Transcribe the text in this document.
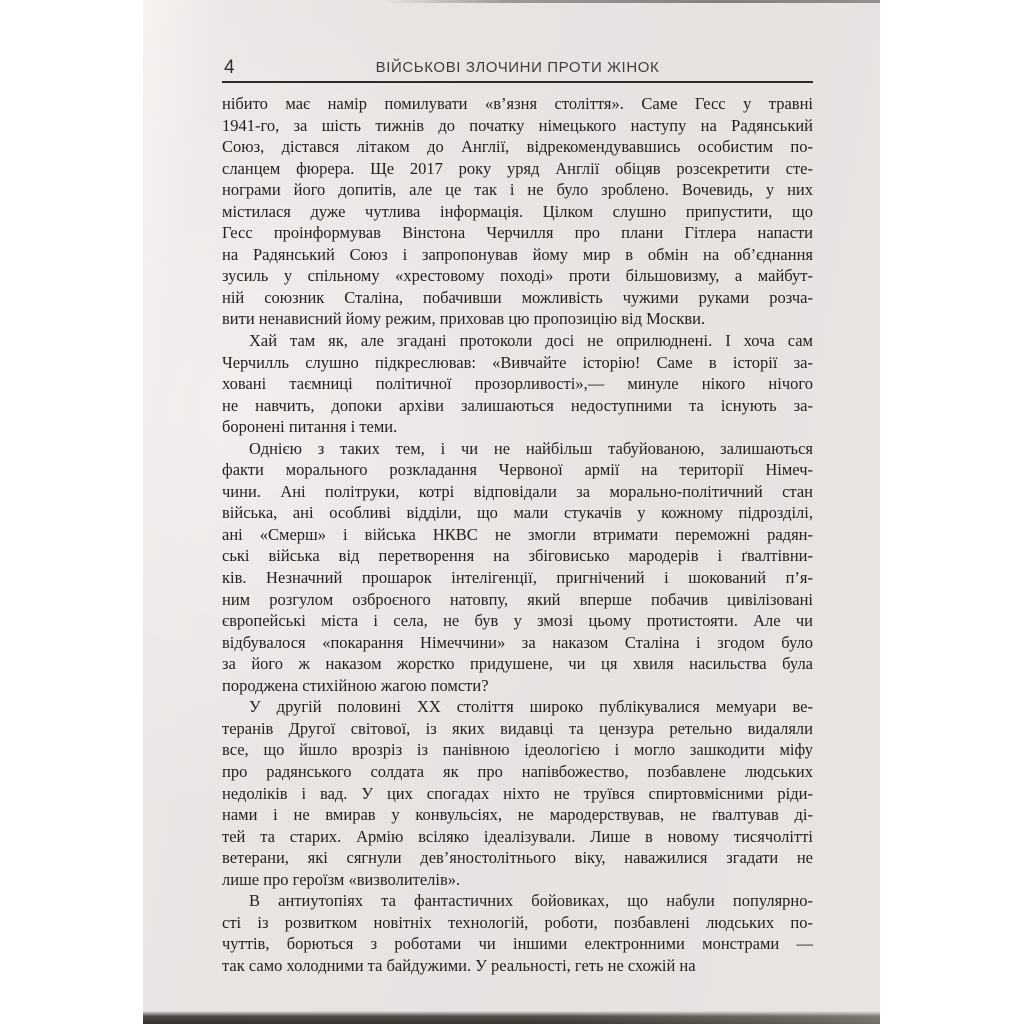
4	ВІЙСЬКОВІ ЗЛОЧИНИ ПРОТИ ЖІНОК
нібито має намір помилувати «в’язня століття». Саме Гесс у травні
1941-го, за шість тижнів до початку німецького наступу на Радянський
Союз, дістався літаком до Англії, відрекомендувавшись особистим по-
сланцем фюрера. Ще 2017 року уряд Англії обіцяв розсекретити сте-
нограми його допитів, але це так і не було зроблено. Вочевидь, у них
містилася дуже чутлива інформація. Цілком слушно припустити, що
Гесс проінформував Вінстона Черчилля про плани Гітлера напасти
на Радянський Союз і запропонував йому мир в обмін на об’єднання
зусиль у спільному «хрестовому поході» проти більшовизму, а майбут-
ній союзник Сталіна, побачивши можливість чужими руками розча-
вити ненависний йому режим, приховав цю пропозицію від Москви.
Хай там як, але згадані протоколи досі не оприлюднені. І хоча сам
Черчилль слушно підкреслював: «Вивчайте історію! Саме в історії за-
ховані таємниці політичної прозорливості»,— минуле нікого нічого
не навчить, допоки архіви залишаються недоступними та існують за-
боронені питання і теми.
Однією з таких тем, і чи не найбільш табуйованою, залишаються
факти морального розкладання Червоної армії на території Німеч-
чини. Ані політруки, котрі відповідали за морально-політичний стан
війська, ані особливі відділи, що мали стукачів у кожному підрозділі,
ані «Смерш» і війська НКВС не змогли втримати переможні радян-
ські війська від перетворення на збіговисько мародерів і ґвалтівни-
ків. Незначний прошарок інтелігенції, пригнічений і шокований п’я-
ним розгулом озброєного натовпу, який вперше побачив цивілізовані
європейські міста і села, не був у змозі цьому протистояти. Але чи
відбувалося «покарання Німеччини» за наказом Сталіна і згодом було
за його ж наказом жорстко придушене, чи ця хвиля насильства була
породжена стихійною жагою помсти?
У другій половині XX століття широко публікувалися мемуари ве-
теранів Другої світової, із яких видавці та цензура ретельно видаляли
все, що йшло врозріз із панівною ідеологією і могло зашкодити міфу
про радянського солдата як про напівбожество, позбавлене людських
недоліків і вад. У цих спогадах ніхто не труївся спиртовмісними ріди-
нами і не вмирав у конвульсіях, не мародерствував, не ґвалтував ді-
тей та старих. Армію всіляко ідеалізували. Лише в новому тисячолітті
ветерани, які сягнули дев’яностолітнього віку, наважилися згадати не
лише про героїзм «визволителів».
В антиутопіях та фантастичних бойовиках, що набули популярно-
сті із розвитком новітніх технологій, роботи, позбавлені людських по-
чуттів, борються з роботами чи іншими електронними монстрами —
так само холодними та байдужими. У реальності, геть не схожій на
